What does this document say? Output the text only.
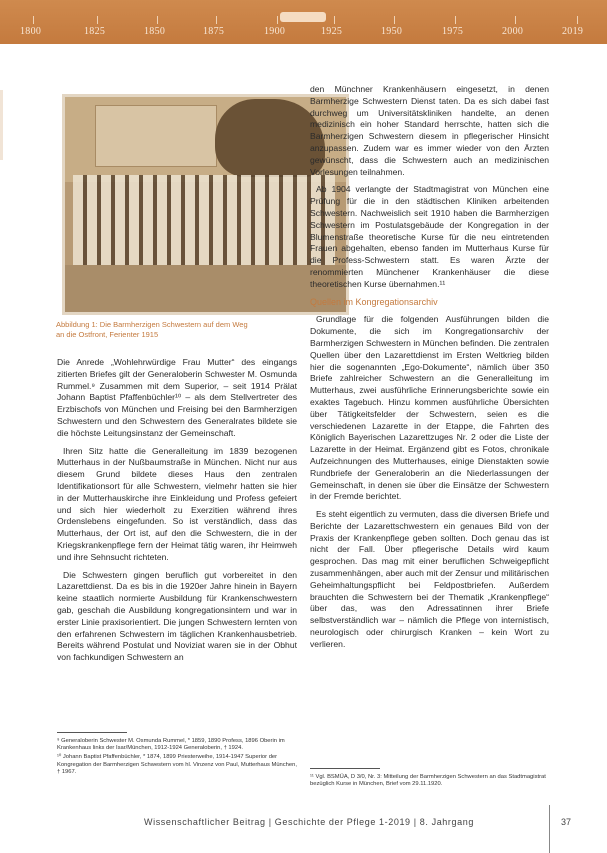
1800	1825	1850	1875	1900	1925	1950	1975	2000	2019
Abbildung 1: Die Barmherzigen Schwestern auf dem Weg an die Ostfront, Ferienter 1915

Die Anrede „Wohlehrwürdige Frau Mutter“ des eingangs zitierten Briefes gilt der Generaloberin Schwester M. Osmunda Rummel.⁹ Zusammen mit dem Superior, – seit 1914 Prälat Johann Baptist Pfaffenbüchler¹⁰ – als dem Stellvertreter des Erzbischofs von München und Freising bei den Barmherzigen Schwestern und den Schwestern des Generalrates bildete sie die höchste Leitungsinstanz der Gemeinschaft.

Ihren Sitz hatte die Generalleitung im 1839 bezogenen Mutterhaus in der Nußbaumstraße in München. Nicht nur aus diesem Grund bildete dieses Haus den zentralen Identifikationsort für alle Schwestern, vielmehr hatten sie hier in der Mutterhauskirche ihre Einkleidung und Profess gefeiert und sich hier wiederholt zu Exerzitien während ihres Ordenslebens eingefunden. So ist verständlich, dass das Mutterhaus, der Ort ist, auf den die Schwestern, die in der Kriegskrankenpflege fern der Heimat tätig waren, ihr Heimweh und ihre Sehnsucht richteten.

Die Schwestern gingen beruflich gut vorbereitet in den Lazarettdienst. Da es bis in die 1920er Jahre hinein in Bayern keine staatlich normierte Ausbildung für Krankenschwestern gab, geschah die Ausbildung kongregationsintern und war in erster Linie praxisorientiert. Die jungen Schwestern lernten von den erfahrenen Schwestern im täglichen Krankenhausbetrieb. Bereits während Postulat und Noviziat waren sie in der Obhut von fachkundigen Schwestern an

den Münchner Krankenhäusern eingesetzt, in denen Barmherzige Schwestern Dienst taten. Da es sich dabei fast durchweg um Universitätskliniken handelte, an denen medizinisch ein hoher Standard herrschte, hatten sich die Barmherzigen Schwestern diesem in pflegerischer Hinsicht anzupassen. Zudem war es immer wieder von den Ärzten gewünscht, dass die Schwestern auch an medizinischen Vorlesungen teilnahmen.

Ab 1904 verlangte der Stadtmagistrat von München eine Prüfung für die in den städtischen Kliniken arbeitenden Schwestern. Nachweislich seit 1910 haben die Barmherzigen Schwestern im Postulatsgebäude der Kongregation in der Blumenstraße theoretische Kurse für die neu eintretenden Frauen abgehalten, ebenso fanden im Mutterhaus Kurse für die Profess-Schwestern statt. Es waren Ärzte der renommierten Münchener Krankenhäuser die diese theoretischen Kurse übernahmen.¹¹

Quellen im Kongregationsarchiv

Grundlage für die folgenden Ausführungen bilden die Dokumente, die sich im Kongregationsarchiv der Barmherzigen Schwestern in München befinden. Die zentralen Quellen über den Lazarettdienst im Ersten Weltkrieg bilden hier die sogenannten „Ego-Dokumente“, nämlich über 350 Briefe zahlreicher Schwestern an die Generalleitung im Mutterhaus, zwei ausführliche Erinnerungsberichte sowie ein exaktes Tagebuch. Hinzu kommen ausführliche Übersichten über Tätigkeitsfelder der Schwestern, seien es die verschiedenen Lazarette in der Etappe, die Fahrten des Königlich Bayerischen Lazarettzuges Nr. 2 oder die Liste der Lazarette in der Heimat. Ergänzend gibt es Fotos, chronikale Aufzeichnungen des Mutterhauses, einige Dienstakten sowie Rundbriefe der Generaloberin an die Niederlassungen der Gemeinschaft, in denen sie über die Einsätze der Schwestern in der Fremde berichtet.

Es steht eigentlich zu vermuten, dass die diversen Briefe und Berichte der Lazarettschwestern ein genaues Bild von der Praxis der Krankenpflege geben sollten. Doch genau das ist nicht der Fall. Über pflegerische Details wird kaum gesprochen. Das mag mit einer beruflichen Schweigepflicht zusammenhängen, aber auch mit der Zensur und militärischen Geheimhaltungspflicht bei Feldpostbriefen. Außerdem brauchten die Schwestern bei der Thematik „Krankenpflege“ über das, was den Adressatinnen ihrer Briefe selbstverständlich war – nämlich die Pflege von internistisch, neurologisch oder chirurgisch Kranken – kein Wort zu verlieren.

⁹ Generaloberin Schwester M. Osmunda Rummel, * 1859, 1890 Profess, 1896 Oberin im Krankenhaus links der Isar/München, 1912-1924 Generaloberin, † 1924.
¹⁰ Johann Baptist Pfaffenbüchler, * 1874, 1899 Priesterweihe, 1914-1947 Superior der Kongregation der Barmherzigen Schwestern vom hl. Vinzenz von Paul, Mutterhaus München, † 1967.
¹¹ Vgl. BSMÜA, D 3/0, Nr. 3: Mitteilung der Barmherzigen Schwestern an das Stadtmagistrat bezüglich Kurse in München, Brief vom 29.11.1920.
Wissenschaftlicher Beitrag | Geschichte der Pflege 1-2019 | 8. Jahrgang	37
